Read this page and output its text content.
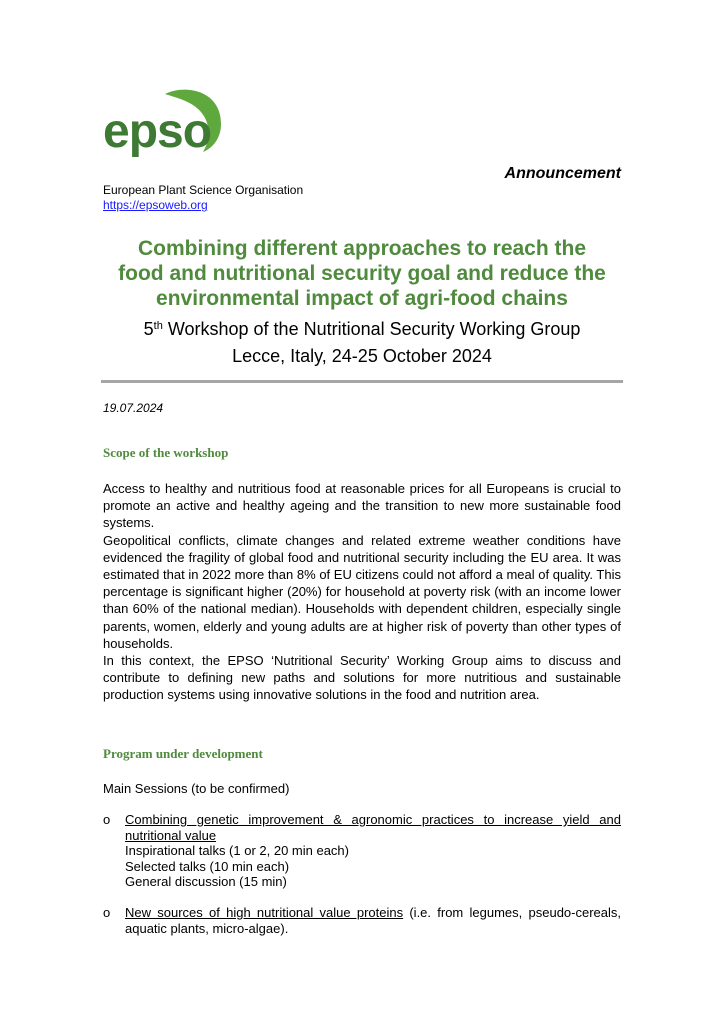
epso
Announcement
European Plant Science Organisation
https://epsoweb.org
Combining different approaches to reach the
food and nutritional security goal and reduce the
environmental impact of agri-food chains
5th Workshop of the Nutritional Security Working Group
Lecce, Italy, 24-25 October 2024
19.07.2024
Scope of the workshop

Access to healthy and nutritious food at reasonable prices for all Europeans is crucial to promote an active and healthy ageing and the transition to new more sustainable food systems.

Geopolitical conflicts, climate changes and related extreme weather conditions have evidenced the fragility of global food and nutritional security including the EU area. It was estimated that in 2022 more than 8% of EU citizens could not afford a meal of quality. This percentage is significant higher (20%) for household at poverty risk (with an income lower than 60% of the national median). Households with dependent children, especially single parents, women, elderly and young adults are at higher risk of poverty than other types of households.

In this context, the EPSO ‘Nutritional Security’ Working Group aims to discuss and contribute to defining new paths and solutions for more nutritious and sustainable production systems using innovative solutions in the food and nutrition area.

Program under development
Main Sessions (to be confirmed)
o Combining genetic improvement & agronomic practices to increase yield and nutritional value
Inspirational talks (1 or 2, 20 min each)
Selected talks (10 min each)
General discussion (15 min)
o New sources of high nutritional value proteins (i.e. from legumes, pseudo-cereals, aquatic plants, micro-algae).
